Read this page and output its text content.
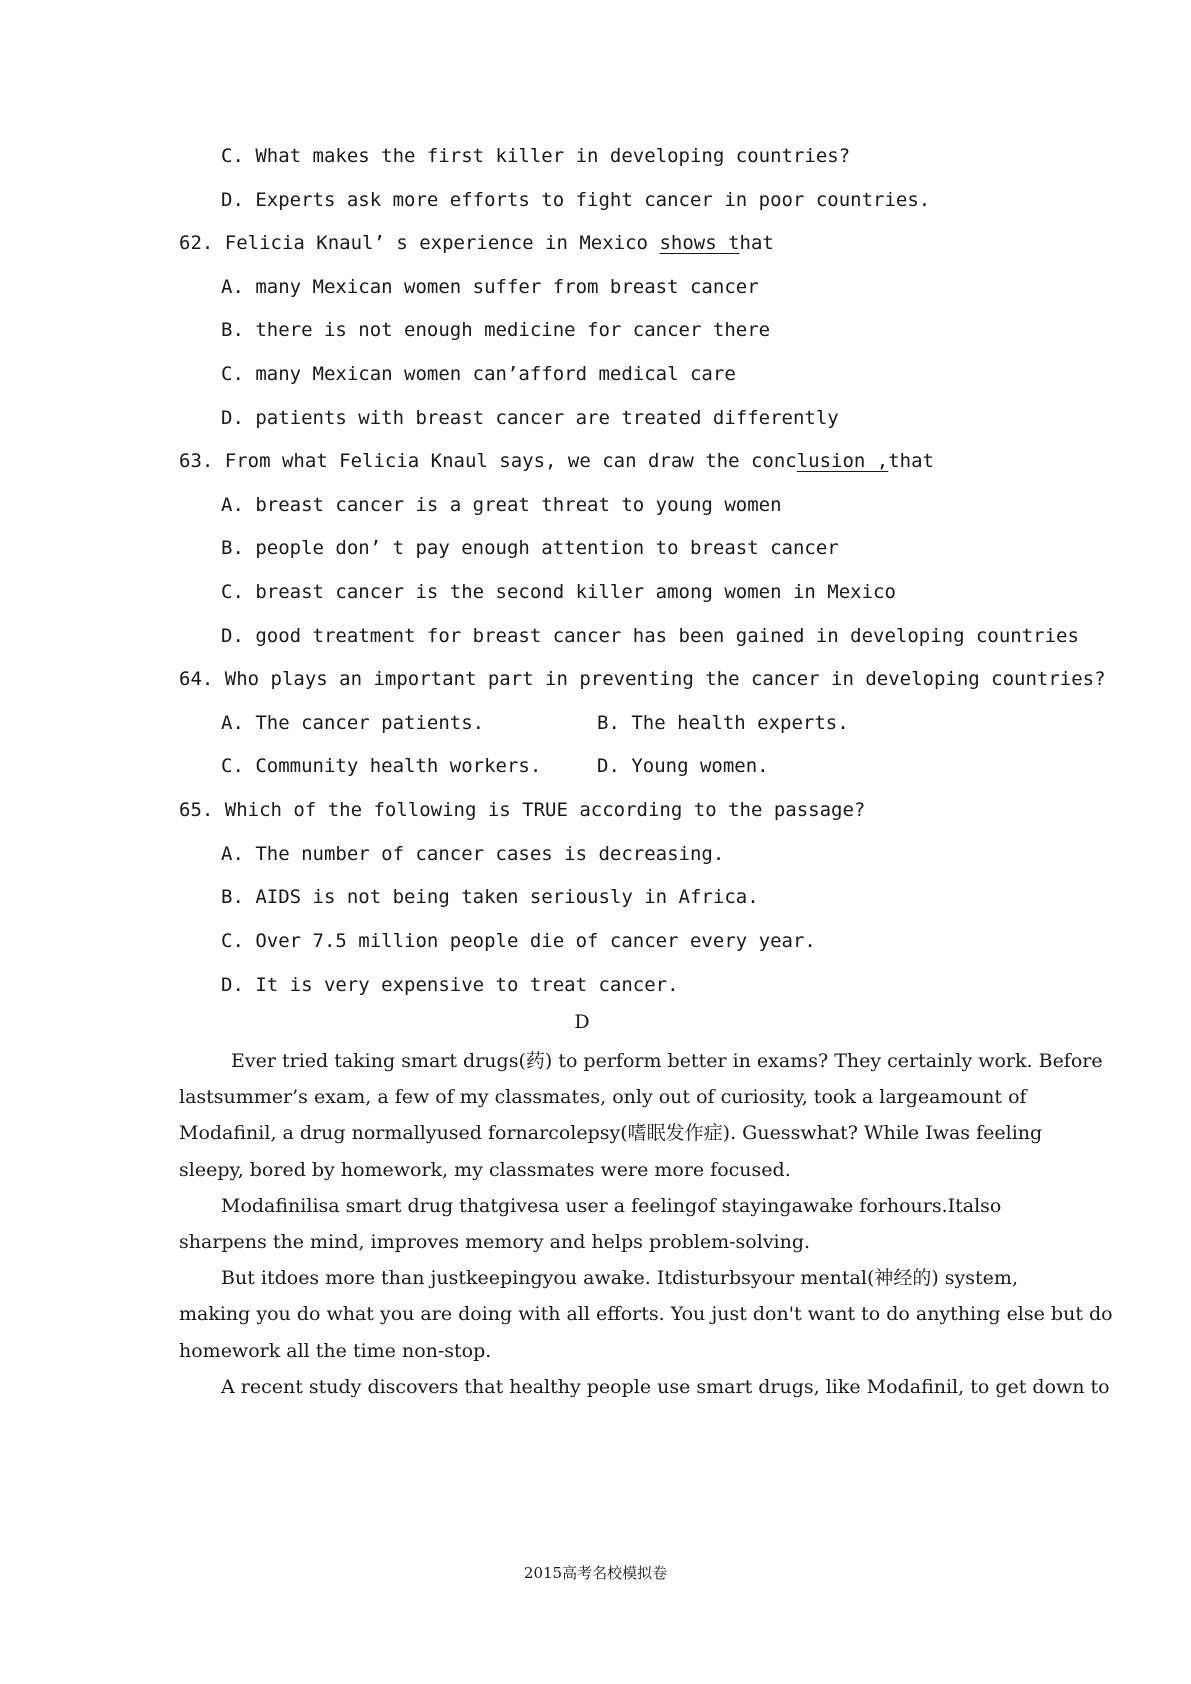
C. What makes the first killer in developing countries?
D. Experts ask more efforts to fight cancer in poor countries.
62. Felicia Knaul’ s experience in Mexico shows that
A. many Mexican women suffer from breast cancer
B. there is not enough medicine for cancer there
C. many Mexican women can’afford medical care
D. patients with breast cancer are treated differently
63. From what Felicia Knaul says, we can draw the conclusion ,that
A. breast cancer is a great threat to young women
B. people don’ t pay enough attention to breast cancer
C. breast cancer is the second killer among women in Mexico
D. good treatment for breast cancer has been gained in developing countries
64. Who plays an important part in preventing the cancer in developing countries?
A. The cancer patients.	B. The health experts.
C. Community health workers.	D. Young women.
65. Which of the following is TRUE according to the passage?
A. The number of cancer cases is decreasing.
B. AIDS is not being taken seriously in Africa.
C. Over 7.5 million people die of cancer every year.
D. It is very expensive to treat cancer.
D
Ever tried taking smart drugs(药) to perform better in exams? They certainly work. Before
lastsummer’s exam, a few of my classmates, only out of curiosity, took a largeamount of
Modafinil, a drug normallyused fornarcolepsy(嗜眠发作症). Guesswhat? While Iwas feeling
sleepy, bored by homework, my classmates were more focused.
Modafinilisa smart drug thatgivesa user a feelingof stayingawake forhours.Italso
sharpens the mind, improves memory and helps problem-solving.
But itdoes more than justkeepingyou awake. Itdisturbsyour mental(神经的) system,
making you do what you are doing with all efforts. You just don't want to do anything else but do
homework all the time non-stop.
A recent study discovers that healthy people use smart drugs, like Modafinil, to get down to
2015高考名校模拟卷
